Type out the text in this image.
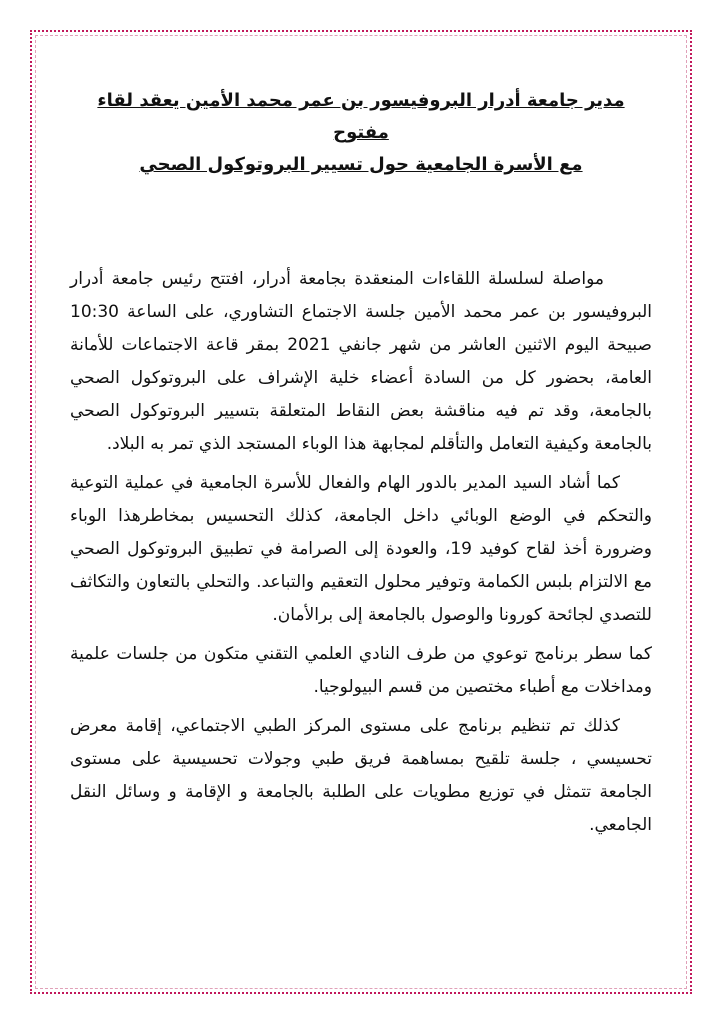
مدير جامعة أدرار البروفيسور بن عمر محمد الأمين يعقد لقاء مفتوح
مع الأسرة الجامعية حول تسيير البروتوكول الصحي

مواصلة لسلسلة اللقاءات المنعقدة بجامعة أدرار، افتتح رئيس جامعة أدرار البروفيسور بن عمر محمد الأمين جلسة الاجتماع التشاوري، على الساعة 10:30 صبيحة اليوم الاثنين العاشر من شهر جانفي 2021 بمقر قاعة الاجتماعات للأمانة العامة، بحضور كل من السادة أعضاء خلية الإشراف على البروتوكول الصحي بالجامعة، وقد تم فيه مناقشة بعض النقاط المتعلقة بتسيير البروتوكول الصحي بالجامعة وكيفية التعامل والتأقلم لمجابهة هذا الوباء المستجد الذي تمر به البلاد.

كما أشاد السيد المدير بالدور الهام والفعال للأسرة الجامعية في عملية التوعية والتحكم في الوضع الوبائي داخل الجامعة، كذلك التحسيس بمخاطرهذا الوباء وضرورة أخذ لقاح كوفيد 19، والعودة إلى الصرامة في تطبيق البروتوكول الصحي مع الالتزام بلبس الكمامة وتوفير محلول التعقيم والتباعد. والتحلي بالتعاون والتكاثف للتصدي لجائحة كورونا والوصول بالجامعة إلى برالأمان.

كما سطر برنامج توعوي من طرف النادي العلمي التقني متكون من جلسات علمية ومداخلات مع أطباء مختصين من قسم البيولوجيا.

كذلك تم تنظيم برنامج على مستوى المركز الطبي الاجتماعي، إقامة معرض تحسيسي ، جلسة تلقيح بمساهمة فريق طبي وجولات تحسيسية على مستوى الجامعة تتمثل في توزيع مطويات على الطلبة بالجامعة و الإقامة و وسائل النقل الجامعي.
